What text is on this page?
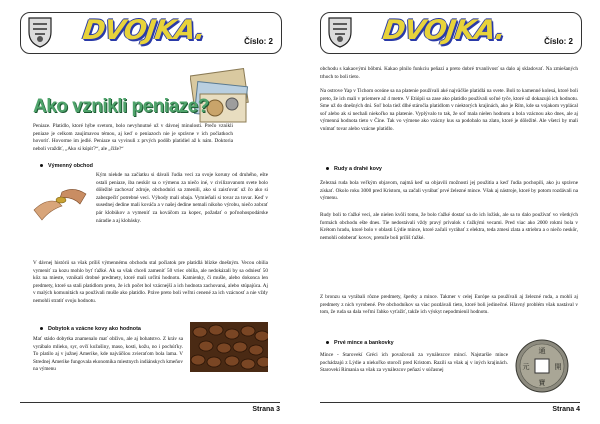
DVOJKA.	Číslo: 2
Ako vznikli peniaze?

Peniaze. Platidlo, ktoré hýbe svetom, bolo nevyhnutné už v dávnej minulosti. Prečo vznikli peniaze je celkom zaujímavou témou, aj keď o peniazoch nie je správne v ich počiatkoch hovoriť. Hovorme im jedlé. Peniaze sa vyvinuli z prvých podôb platidiel až k nám. Doktoria neboli vraždiť, „Ako si kúpiť?“, ale „čiže?“

Výmenný obchod

Kým niekde na začiatku si dávali ľudia veci za svoje koruny od druhého, ešte ostali peniaze, iba neskôr sa o výmenu za niečo iné, v civilizovanom svete bolo dôležité zachovať zdroje, obchodníci sa zmenili, ako si zaisťovať už čo ako si zabezpečiť potrebné veci. Výhody mali obaja. Vymieňali si tovar za tovar. Keď v susednej dedine mali kováča a v našej dedine nemali nikoho výrobu, niečo zobrať pár klobúkov a vymeniť za kováčom za kopec, požadať o poľnohospodárske náradie a aj klobásky.

V dávnej histórii sa však príliš výmennému obchodu stal počiatok pre platidlá blízke dnešným. Vecou obilia vymeniť za kozu mohlo byť ťažké. Ak sa však chceli zameniť 50 vriec obilia, ale nedokázali by sa odniesť 50 kôz na mieste, vznikali drobné predmety, ktoré mali určitú hodnotu. Kamienky, či mušle, alebo dokonca len predmety, ktoré sa stali platidlom preto, že ich počet bol vzácnejší a ich hodnota zachovaná, alebo stúpajúca. Aj v malých komunitách sa používali mušle ako platidlo. Práve preto boli veľmi cenené za ich vzácnosť a nie vždy nemohli stratiť svoju hodnotu.

Dobytok a vzácne kovy ako hodnota

Mať stádo dobytka znamenalo mať obživu, ale aj bohatstvo. Z kráv sa vyrábalo mlieko, syr, ovčí kožušiny, maso, kosti, kožu, no i pochúťky. To platilo aj v južnej Amerike, kde najväčšou zvieraťom bola lama. V Strednej Amerike fungovala ekonomika miestnych indiánskych kmeňov na výmenu

Strana 3
DVOJKA.	Číslo: 2

obchodu s kakaovými bôbmi. Kakao plnilo funkciu peňazí a preto dobré trvanlivosť sa dalo aj skladovať. Na zmiešaných trhoch to boli tieto.

Na ostrove Yap v Tichom oceáne sa na platenie používali aké najväčšie platidlá na svete. Boli to kamenné kolesá, ktoré boli preto, že ich mali v priemere až 4 metre. V Etiópii sa zase ako platidlo používali soľné tyče, ktoré už dokazujú ich hodnotu. Sme už do dnešných dní. Soľ bola tiež dlhé stáročia platidlom v niektorých krajinách, ako je Rím, kde sa vojakom vyplácal soľ alebo ak si nechali niekoľko na platenie. Vyplývalo to tak, že soľ mala nielen hodnotu a bola vzácnou ako dnes, ale aj výmenná hodnota tieto v Číne. Tak vo výmene ako vzácny kus sa podobalo na zlato, ktoré je dôležité. Ale všetci by mali vnímať tovar alebo vzácne platidlo.

Rudy a drahé kovy

Železná ruda bola veľkým objavom, najmä keď sa objavili možnosti jej použitia a keď ľudia pochopili, ako ju správne získať. Okolo roku 3000 pred Kristom, sa začali vyrábať prvé železné mince. Však aj nástroje, ktoré by potom rozdávali na výmenu.

Rudy boli to ťažké veci, ale nielen kvôli tomu, že bolo ťažké dostať sa do ich ložísk, ale sa to dalo používať vo všetkých formách obchodu ešte dnes. Tie nedostávali vždy pravý prívalok s ťažkými vecami. Pred viac ako 2000 rokmi bola v Krétom hradu, ktoré bolo v oblasti Lýdie mince, ktoré začali vyrábať z elektra, teda zmesi zlata a striebra a o niečo neskôr, nemohli odoberať kovov, pretože boli príliš ťažké.

Z bronzu sa vyrábali rôzne predmety, šperky a mince. Takmer v celej Európe sa používali aj železné ruda, a mohli aj predmety z nich vyrobené. Pre obchodníkov sa viac pozdávali tieto, ktoré boli jedinečné. Hlavný problém však nastával v tom, že ruda sa dala veľmi ľahko vyťažiť, takže ich výskyt nepodmienil hodnotu.

Prvé mince a bankovky

Mince - Starovekí Gréci ich považovali za vynálezcov mincí. Najstaršie mince pochádzajú z Lýdie a niekoľko storočí pred Kristom. Razili sa však aj v iných krajinách. Starovekí Rimania sa však za vynálezcov peňazí v súčasnej

通
寶
元	開
Strana 4
